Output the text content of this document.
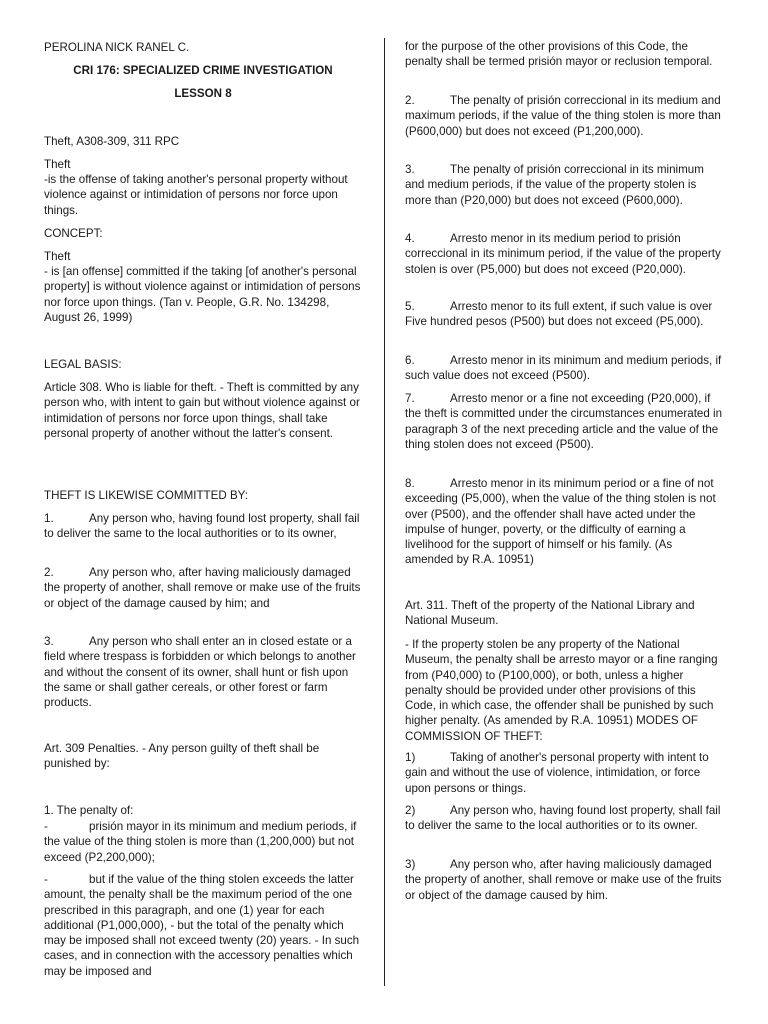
PEROLINA NICK RANEL C.

CRI 176: SPECIALIZED CRIME INVESTIGATION

LESSON 8

Theft, A308-309, 311 RPC

Theft

-is the offense of taking another's personal property without violence against or intimidation of persons nor force upon things.

CONCEPT:

Theft

- is [an offense] committed if the taking [of another's personal property] is without violence against or intimidation of persons nor force upon things. (Tan v. People, G.R. No. 134298, August 26, 1999)

LEGAL BASIS:

Article 308. Who is liable for theft. - Theft is committed by any person who, with intent to gain but without violence against or intimidation of persons nor force upon things, shall take personal property of another without the latter's consent.

THEFT IS LIKEWISE COMMITTED BY:

1.	Any person who, having found lost property, shall fail to deliver the same to the local authorities or to its owner,

2.	Any person who, after having maliciously damaged the property of another, shall remove or make use of the fruits or object of the damage caused by him; and

3.	Any person who shall enter an in closed estate or a field where trespass is forbidden or which belongs to another and without the consent of its owner, shall hunt or fish upon the same or shall gather cereals, or other forest or farm products.

Art. 309 Penalties. - Any person guilty of theft shall be punished by:

1. The penalty of:

-	prisión mayor in its minimum and medium periods, if the value of the thing stolen is more than (1,200,000) but not exceed (P2,200,000);

-	but if the value of the thing stolen exceeds the latter amount, the penalty shall be the maximum period of the one prescribed in this paragraph, and one (1) year for each additional (P1,000,000), - but the total of the penalty which may be imposed shall not exceed twenty (20) years. - In such cases, and in connection with the accessory penalties which may be imposed and

for the purpose of the other provisions of this Code, the penalty shall be termed prisión mayor or reclusion temporal.

2.	The penalty of prisión correccional in its medium and maximum periods, if the value of the thing stolen is more than (P600,000) but does not exceed (P1,200,000).

3.	The penalty of prisión correccional in its minimum and medium periods, if the value of the property stolen is more than (P20,000) but does not exceed (P600,000).

4.	Arresto menor in its medium period to prisión correccional in its minimum period, if the value of the property stolen is over (P5,000) but does not exceed (P20,000).

5.	Arresto menor to its full extent, if such value is over Five hundred pesos (P500) but does not exceed (P5,000).

6.	Arresto menor in its minimum and medium periods, if such value does not exceed (P500).

7.	Arresto menor or a fine not exceeding (P20,000), if the theft is committed under the circumstances enumerated in paragraph 3 of the next preceding article and the value of the thing stolen does not exceed (P500).

8.	Arresto menor in its minimum period or a fine of not exceeding (P5,000), when the value of the thing stolen is not over (P500), and the offender shall have acted under the impulse of hunger, poverty, or the difficulty of earning a livelihood for the support of himself or his family. (As amended by R.A. 10951)

Art. 311. Theft of the property of the National Library and National Museum.

- If the property stolen be any property of the National Museum, the penalty shall be arresto mayor or a fine ranging from (P40,000) to (P100,000), or both, unless a higher penalty should be provided under other provisions of this Code, in which case, the offender shall be punished by such higher penalty. (As amended by R.A. 10951) MODES OF COMMISSION OF THEFT:

1)	Taking of another's personal property with intent to gain and without the use of violence, intimidation, or force upon persons or things.

2)	Any person who, having found lost property, shall fail to deliver the same to the local authorities or to its owner.

3)	Any person who, after having maliciously damaged the property of another, shall remove or make use of the fruits or object of the damage caused by him.
